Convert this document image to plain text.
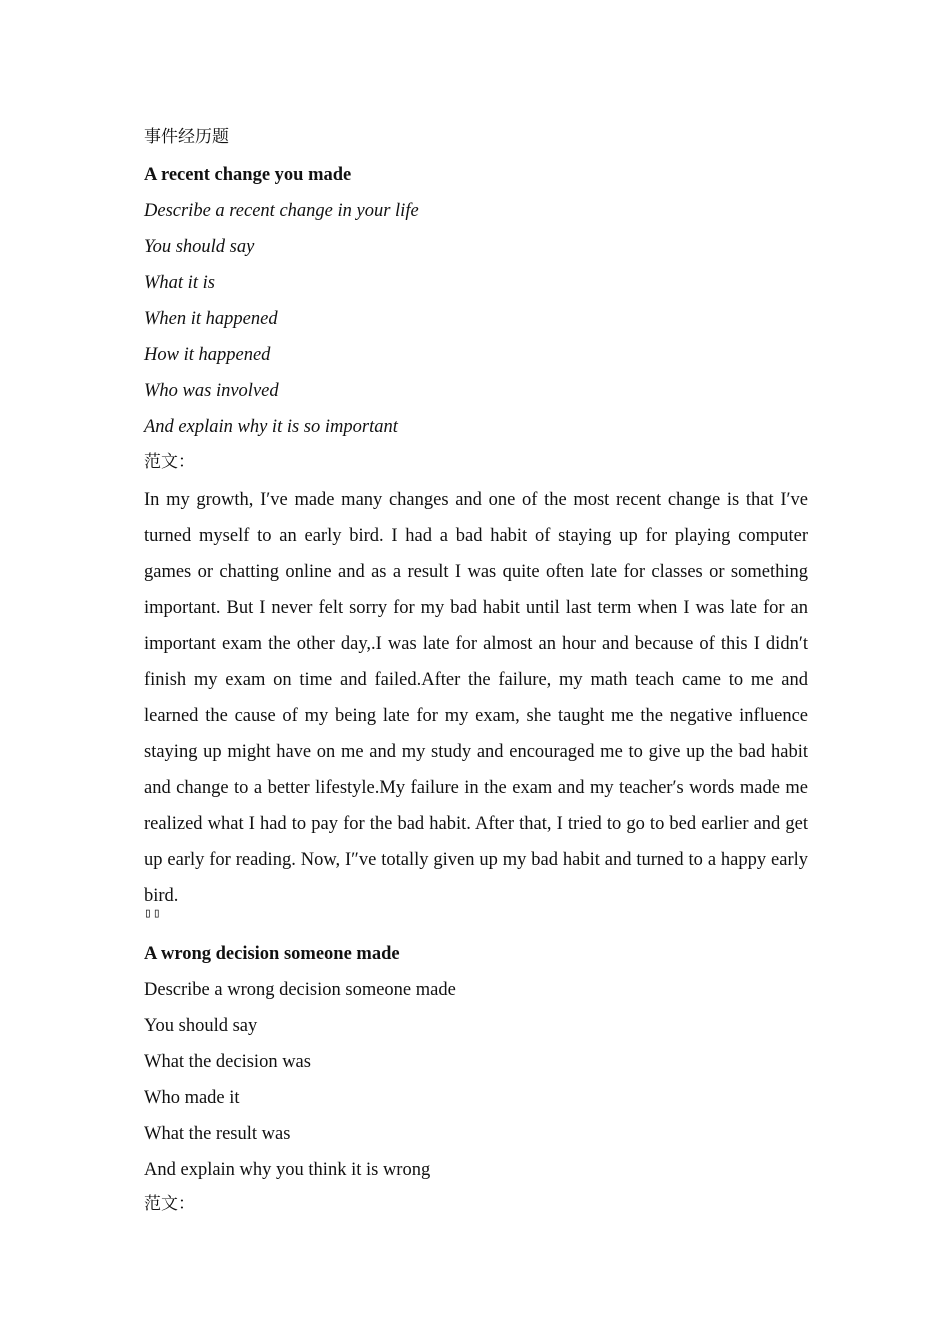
事件经历题
A recent change you made
Describe a recent change in your life
You should say
What it is
When it happened
How it happened
Who was involved
And explain why it is so important
范文：

In my growth, I′ve made many changes and one of the most recent change is that I′ve turned myself to an early bird. I had a bad habit of staying up for playing computer games or chatting online and as a result I was quite often late for classes or something important. But I never felt sorry for my bad habit until last term when I was late for an important exam the other day,.I was late for almost an hour and because of this I didn′t finish my exam on time and failed.After the failure, my math teach came to me and learned the cause of my being late for my exam, she taught me the negative influence staying up might have on me and my study and encouraged me to give up the bad habit and change to a better lifestyle.My failure in the exam and my teacher′s words made me realized what I had to pay for the bad habit. After that, I tried to go to bed earlier and get up early for reading. Now, I″ve totally given up my bad habit and turned to a happy early bird.

▯▯
A wrong decision someone made
Describe a wrong decision someone made
You should say
What the decision was
Who made it
What the result was
And explain why you think it is wrong
范文：
